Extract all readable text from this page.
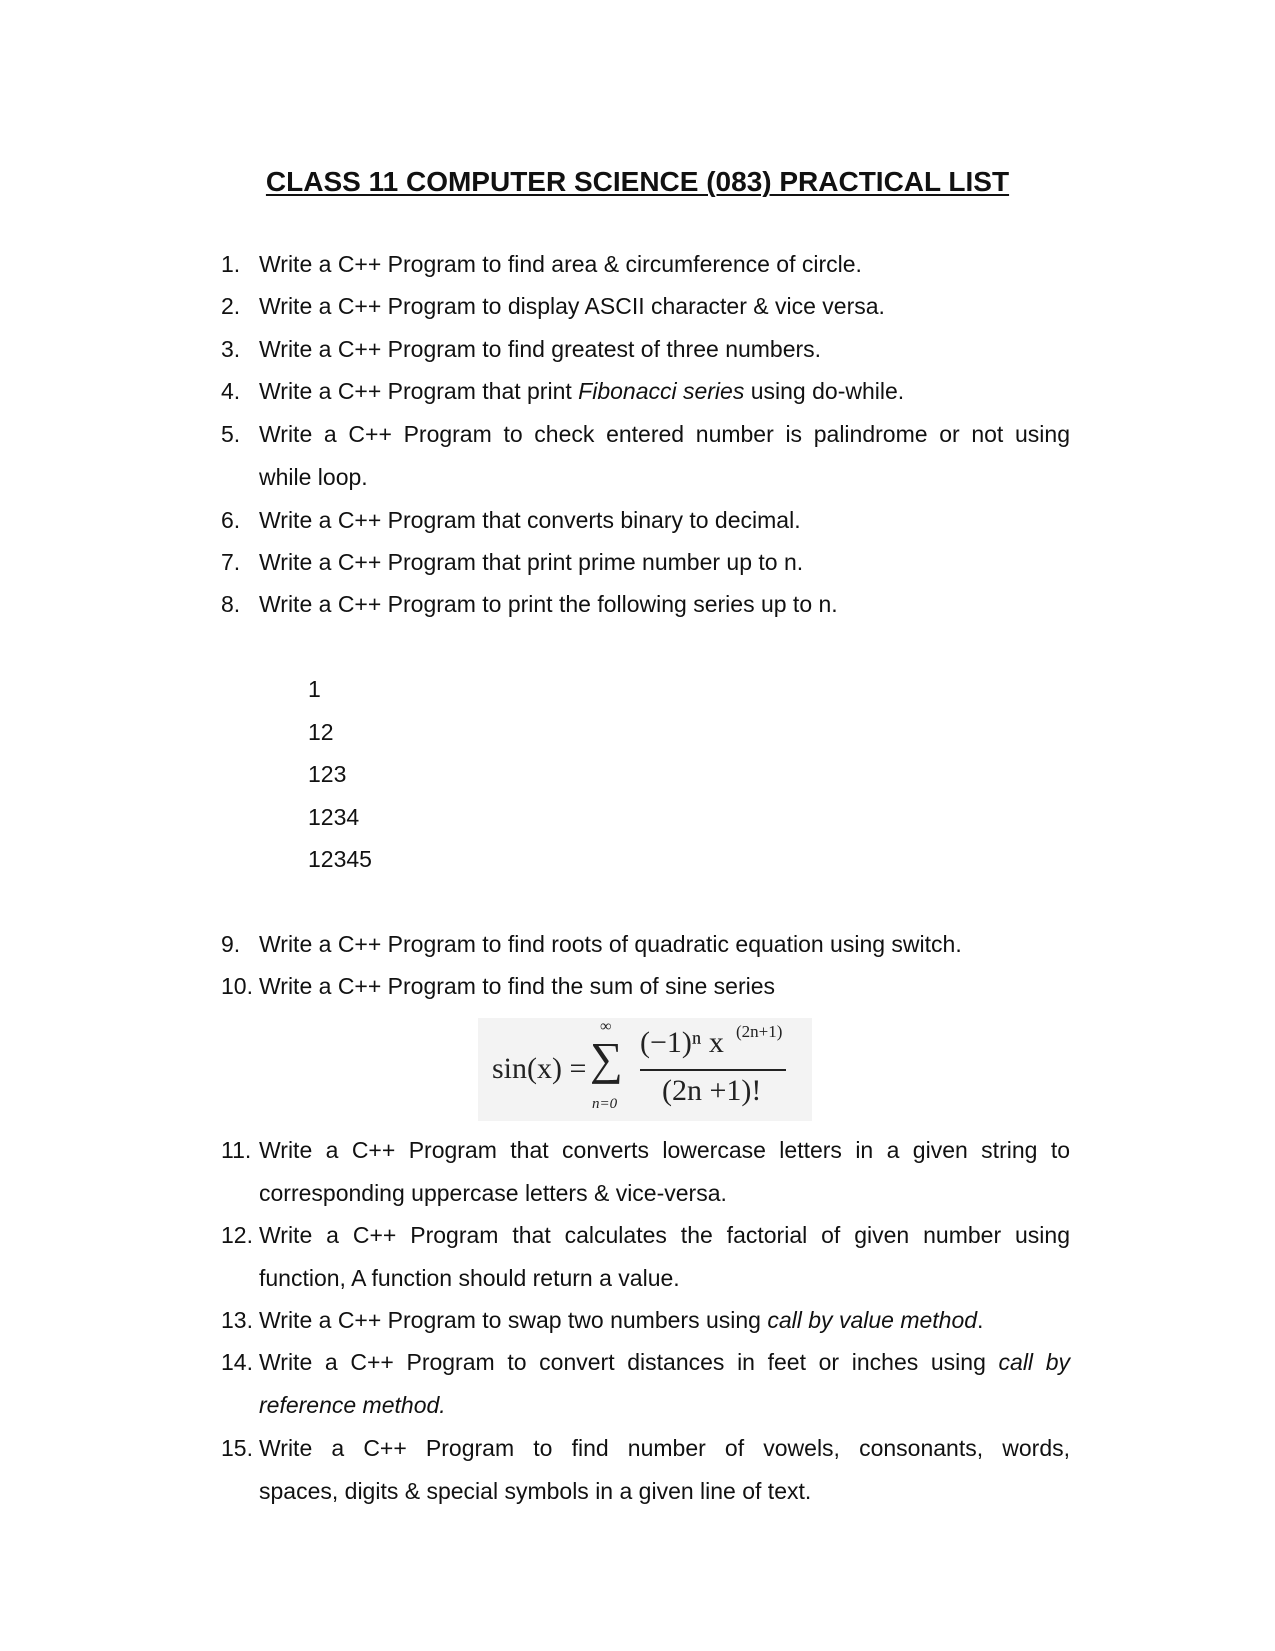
CLASS 11 COMPUTER SCIENCE (083) PRACTICAL LIST
1. Write a C++ Program to find area & circumference of circle.
2. Write a C++ Program to display ASCII character & vice versa.
3. Write a C++ Program to find greatest of three numbers.
4. Write a C++ Program that print Fibonacci series using do-while.
5. Write a C++ Program to check entered number is palindrome or not using
while loop.
6. Write a C++ Program that converts binary to decimal.
7. Write a C++ Program that print prime number up to n.
8. Write a C++ Program to print the following series up to n.
9. Write a C++ Program to find roots of quadratic equation using switch.
10. Write a C++ Program to find the sum of sine series
11. Write a C++ Program that converts lowercase letters in a given string to
corresponding uppercase letters & vice-versa.
12. Write a C++ Program that calculates the factorial of given number using
function, A function should return a value.
13. Write a C++ Program to swap two numbers using call by value method.
14. Write a C++ Program to convert distances in feet or inches using call by
reference method.
15. Write a C++ Program to find number of vowels, consonants, words,
spaces, digits & special symbols in a given line of text.
1
12
123
1234
12345
sin(x) =
∞
∑
n=0
(−1)ⁿ x (2n+1)
(2n +1)!
